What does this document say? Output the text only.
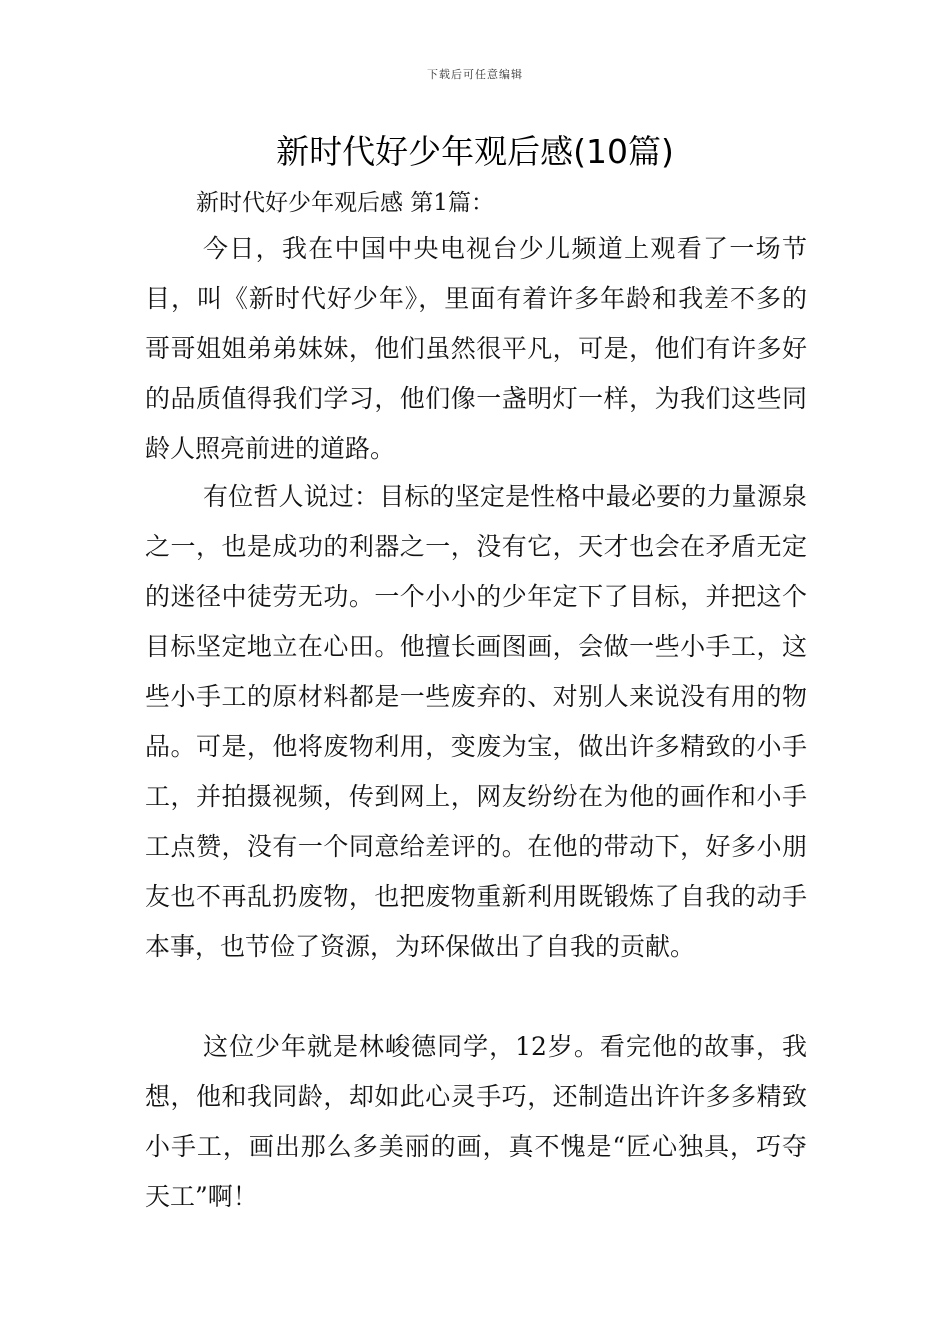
下载后可任意编辑
新时代好少年观后感(10篇)

新时代好少年观后感 第1篇：

今日，我在中国中央电视台少儿频道上观看了一场节目，叫《新时代好少年》，里面有着许多年龄和我差不多的哥哥姐姐弟弟妹妹，他们虽然很平凡，可是，他们有许多好的品质值得我们学习，他们像一盏明灯一样，为我们这些同龄人照亮前进的道路。

有位哲人说过：目标的坚定是性格中最必要的力量源泉之一，也是成功的利器之一，没有它，天才也会在矛盾无定的迷径中徒劳无功。一个小小的少年定下了目标，并把这个目标坚定地立在心田。他擅长画图画，会做一些小手工，这些小手工的原材料都是一些废弃的、对别人来说没有用的物品。可是，他将废物利用，变废为宝，做出许多精致的小手工，并拍摄视频，传到网上，网友纷纷在为他的画作和小手工点赞，没有一个同意给差评的。在他的带动下，好多小朋友也不再乱扔废物，也把废物重新利用既锻炼了自我的动手本事，也节俭了资源，为环保做出了自我的贡献。

这位少年就是林峻德同学，12岁。看完他的故事，我想，他和我同龄，却如此心灵手巧，还制造出许许多多精致小手工，画出那么多美丽的画，真不愧是“匠心独具，巧夺天工”啊！
